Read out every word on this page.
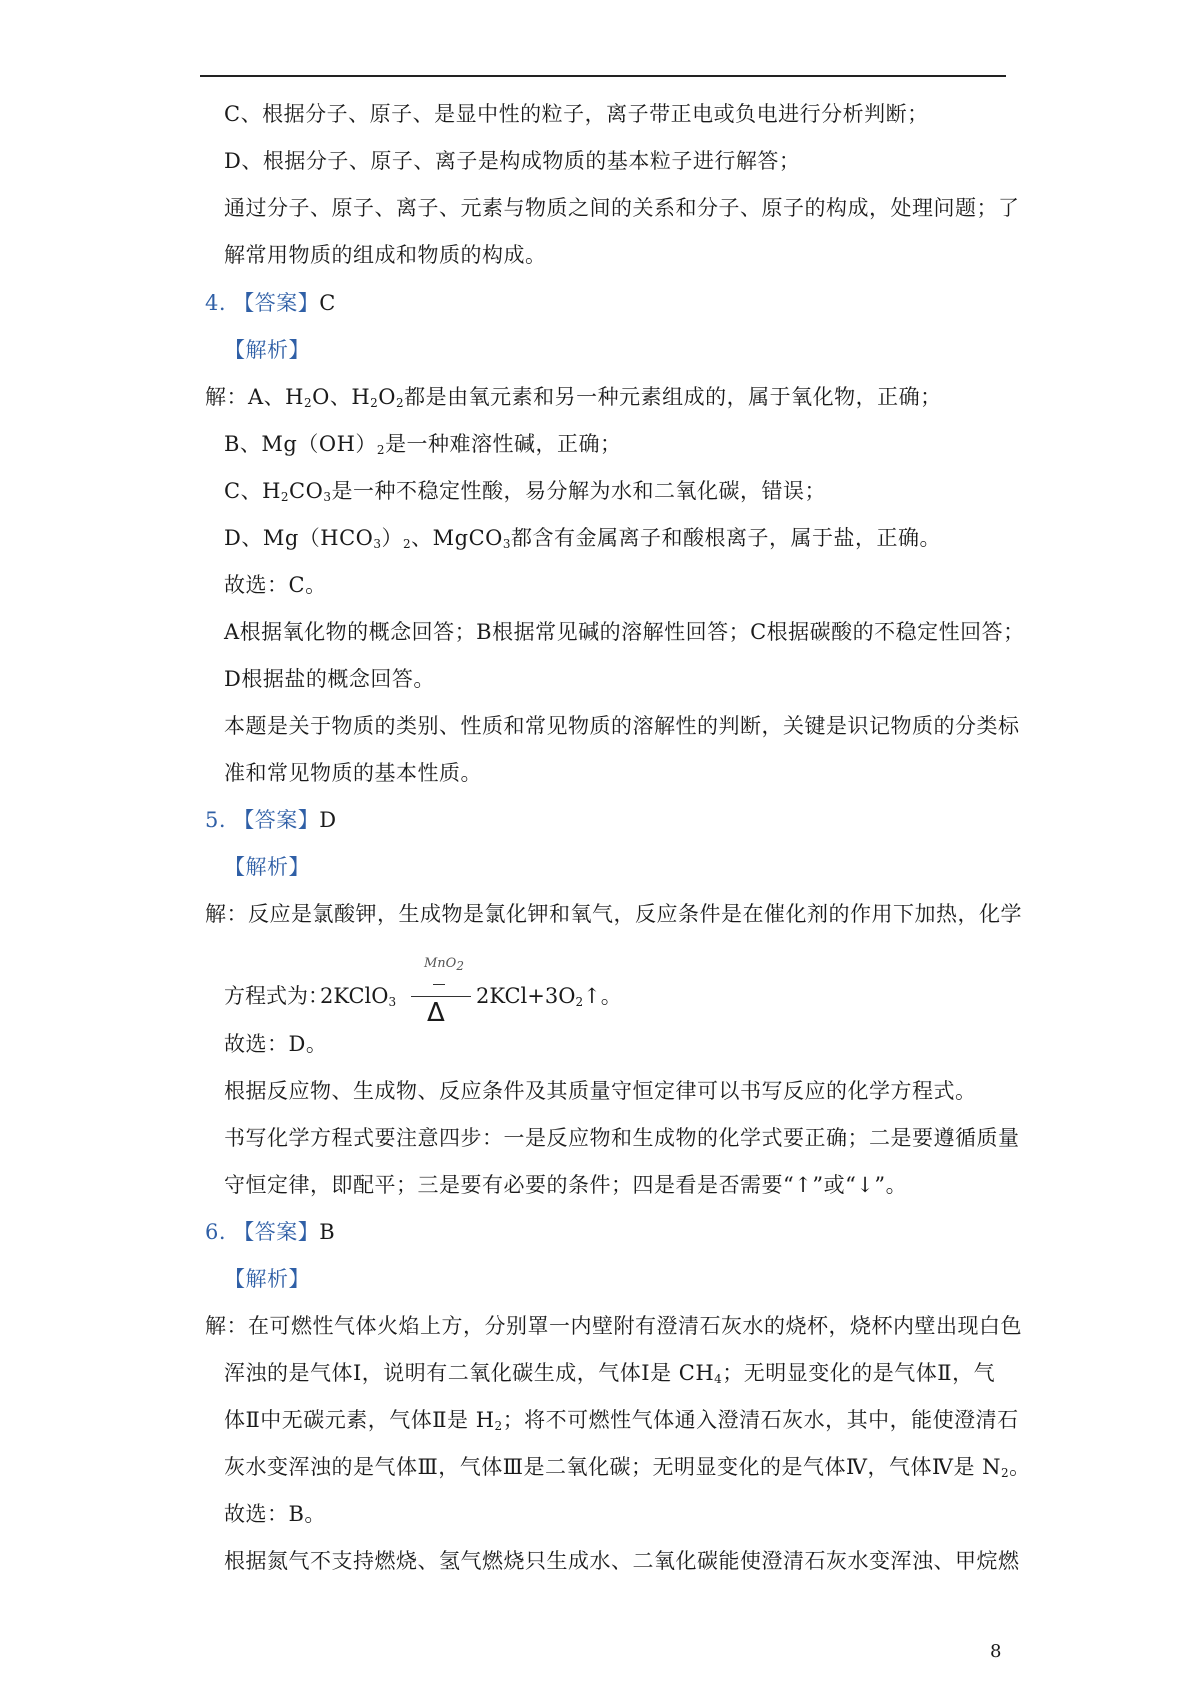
C、根据分子、原子、是显中性的粒子，离子带正电或负电进行分析判断；
D、根据分子、原子、离子是构成物质的基本粒子进行解答；
通过分子、原子、离子、元素与物质之间的关系和分子、原子的构成，处理问题；了
解常用物质的组成和物质的构成。
4. 【答案】C
【解析】
解：A、$H_2O$、$H_2O_2$都是由氧元素和另一种元素组成的，属于氧化物，正确；
B、$Mg(OH)_2$是一种难溶性碱，正确；
C、$H_2CO_3$是一种不稳定性酸，易分解为水和二氧化碳，错误；
D、$Mg(HCO_3)_2$、MgCO$_3$都含有金属离子和酸根离子，属于盐，正确。
故选：C。
A根据氧化物的概念回答；B根据常见碱的溶解性回答；C根据碳酸的不稳定性回答；
D根据盐的概念回答。
本题是关于物质的类别、性质和常见物质的溶解性的判断，关键是识记物质的分类标
准和常见物质的基本性质。
5. 【答案】D
【解析】
解：反应是氯酸钾，生成物是氯化钾和氧气，反应条件是在催化剂的作用下加热，化学
方程式为：
2KClO$_3$
MnO$_2$
Δ
$2KCl+3O_2↑$。
故选：D。
根据反应物、生成物、反应条件及其质量守恒定律可以书写反应的化学方程式。
书写化学方程式要注意四步：一是反应物和生成物的化学式要正确；二是要遵循质量
守恒定律，即配平；三是要有必要的条件；四是看是否需要“↑”或“↓”。
6. 【答案】B
【解析】
解：在可燃性气体火焰上方，分别罩一内壁附有澄清石灰水的烧杯，烧杯内壁出现白色
浑浊的是气体Ⅰ，说明有二氧化碳生成，气体Ⅰ是 $CH_4$；无明显变化的是气体Ⅱ，气
体Ⅱ中无碳元素，气体Ⅱ是 $H_2$；将不可燃性气体通入澄清石灰水，其中，能使澄清石
灰水变浑浊的是气体Ⅲ，气体Ⅲ是二氧化碳；无明显变化的是气体Ⅳ，气体Ⅳ是 $N_2$。
故选：B。
根据氮气不支持燃烧、氢气燃烧只生成水、二氧化碳能使澄清石灰水变浑浊、甲烷燃
8
